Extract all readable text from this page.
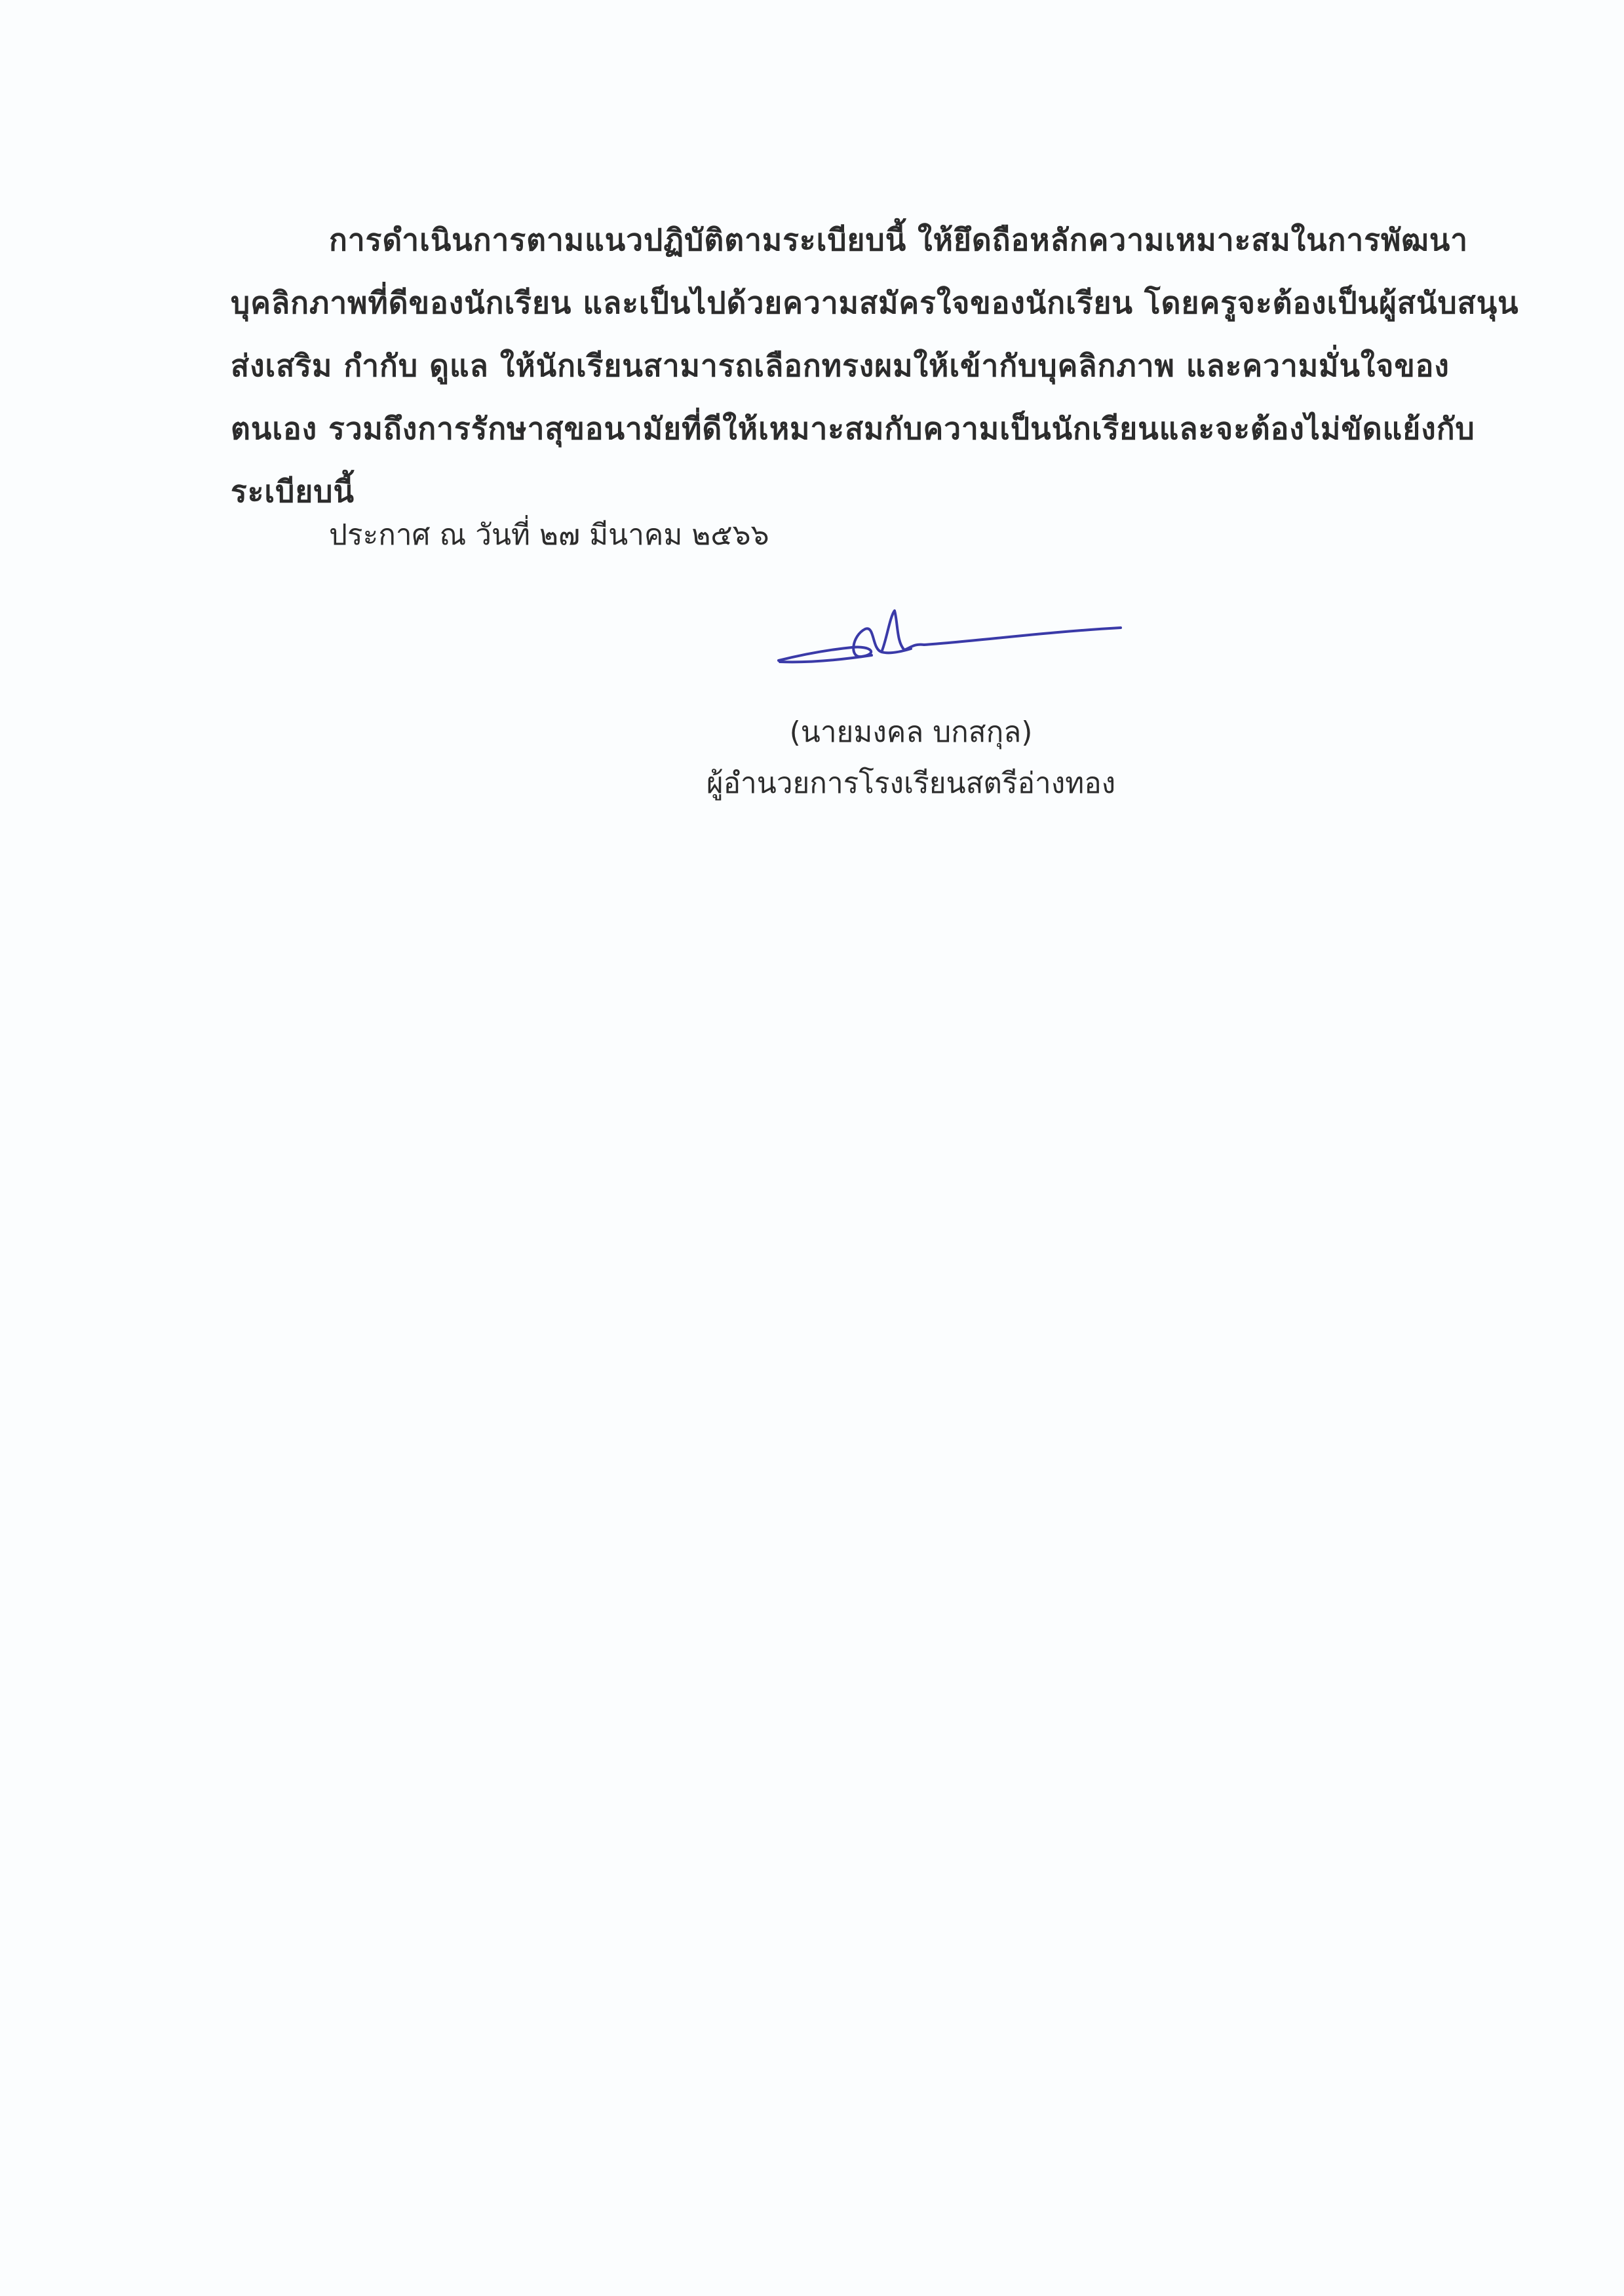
การดำเนินการตามแนวปฏิบัติตามระเบียบนี้ ให้ยึดถือหลักความเหมาะสมในการพัฒนา
บุคลิกภาพที่ดีของนักเรียน และเป็นไปด้วยความสมัครใจของนักเรียน โดยครูจะต้องเป็นผู้สนับสนุน
ส่งเสริม กำกับ ดูแล ให้นักเรียนสามารถเลือกทรงผมให้เข้ากับบุคลิกภาพ และความมั่นใจของ
ตนเอง รวมถึงการรักษาสุขอนามัยที่ดีให้เหมาะสมกับความเป็นนักเรียนและจะต้องไม่ขัดแย้งกับ
ระเบียบนี้

ประกาศ ณ วันที่ ๒๗ มีนาคม ๒๕๖๖

(นายมงคล บกสกุล)

ผู้อำนวยการโรงเรียนสตรีอ่างทอง
